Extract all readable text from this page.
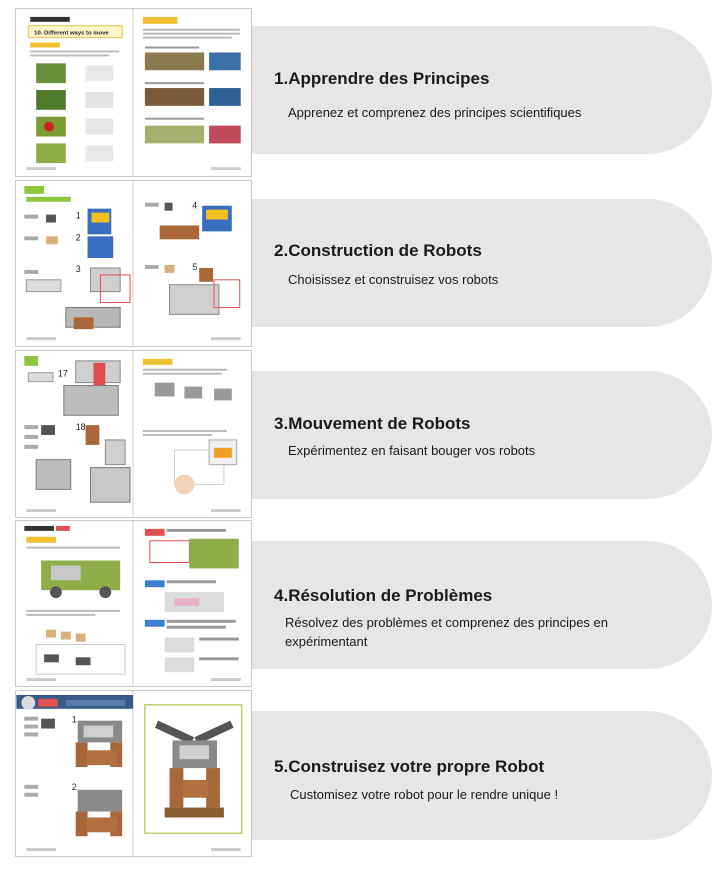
10. Different ways to move
1.Apprendre des Principes
Apprenez et comprenez des principes scientifiques
1
2
3
4
5
2.Construction de Robots
Choisissez et construisez vos robots
17
18	3.Mouvement de Robots
Expérimentez en faisant bouger vos robots
4.Résolution de Problèmes
Résolvez des problèmes et comprenez des principes en expérimentant
1
2
5.Construisez votre propre Robot
Customisez votre robot pour le rendre unique !
